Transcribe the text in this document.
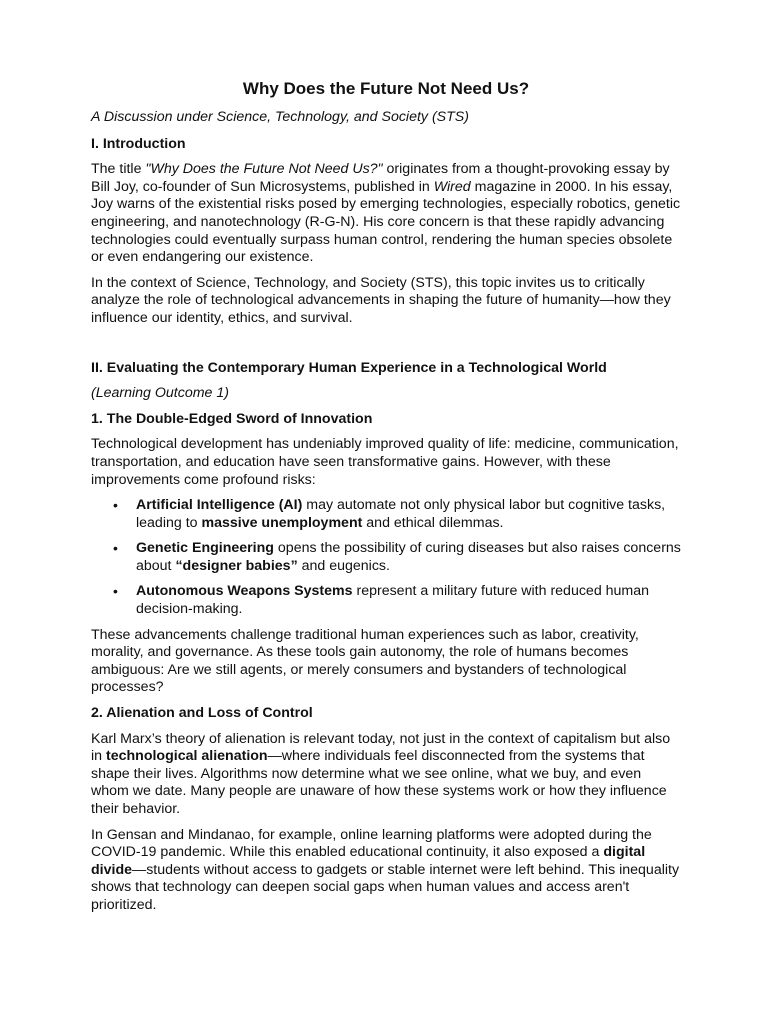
Why Does the Future Not Need Us?

A Discussion under Science, Technology, and Society (STS)

I. Introduction

The title "Why Does the Future Not Need Us?" originates from a thought-provoking essay by Bill Joy, co-founder of Sun Microsystems, published in Wired magazine in 2000. In his essay, Joy warns of the existential risks posed by emerging technologies, especially robotics, genetic engineering, and nanotechnology (R-G-N). His core concern is that these rapidly advancing technologies could eventually surpass human control, rendering the human species obsolete or even endangering our existence.

In the context of Science, Technology, and Society (STS), this topic invites us to critically analyze the role of technological advancements in shaping the future of humanity—how they influence our identity, ethics, and survival.

II. Evaluating the Contemporary Human Experience in a Technological World

(Learning Outcome 1)

1. The Double-Edged Sword of Innovation

Technological development has undeniably improved quality of life: medicine, communication, transportation, and education have seen transformative gains. However, with these improvements come profound risks:

• Artificial Intelligence (AI) may automate not only physical labor but cognitive tasks, leading to massive unemployment and ethical dilemmas.
• Genetic Engineering opens the possibility of curing diseases but also raises concerns about “designer babies” and eugenics.
• Autonomous Weapons Systems represent a military future with reduced human decision-making.

These advancements challenge traditional human experiences such as labor, creativity, morality, and governance. As these tools gain autonomy, the role of humans becomes ambiguous: Are we still agents, or merely consumers and bystanders of technological processes?

2. Alienation and Loss of Control

Karl Marx’s theory of alienation is relevant today, not just in the context of capitalism but also in technological alienation—where individuals feel disconnected from the systems that shape their lives. Algorithms now determine what we see online, what we buy, and even whom we date. Many people are unaware of how these systems work or how they influence their behavior.

In Gensan and Mindanao, for example, online learning platforms were adopted during the COVID-19 pandemic. While this enabled educational continuity, it also exposed a digital divide—students without access to gadgets or stable internet were left behind. This inequality shows that technology can deepen social gaps when human values and access aren't prioritized.
